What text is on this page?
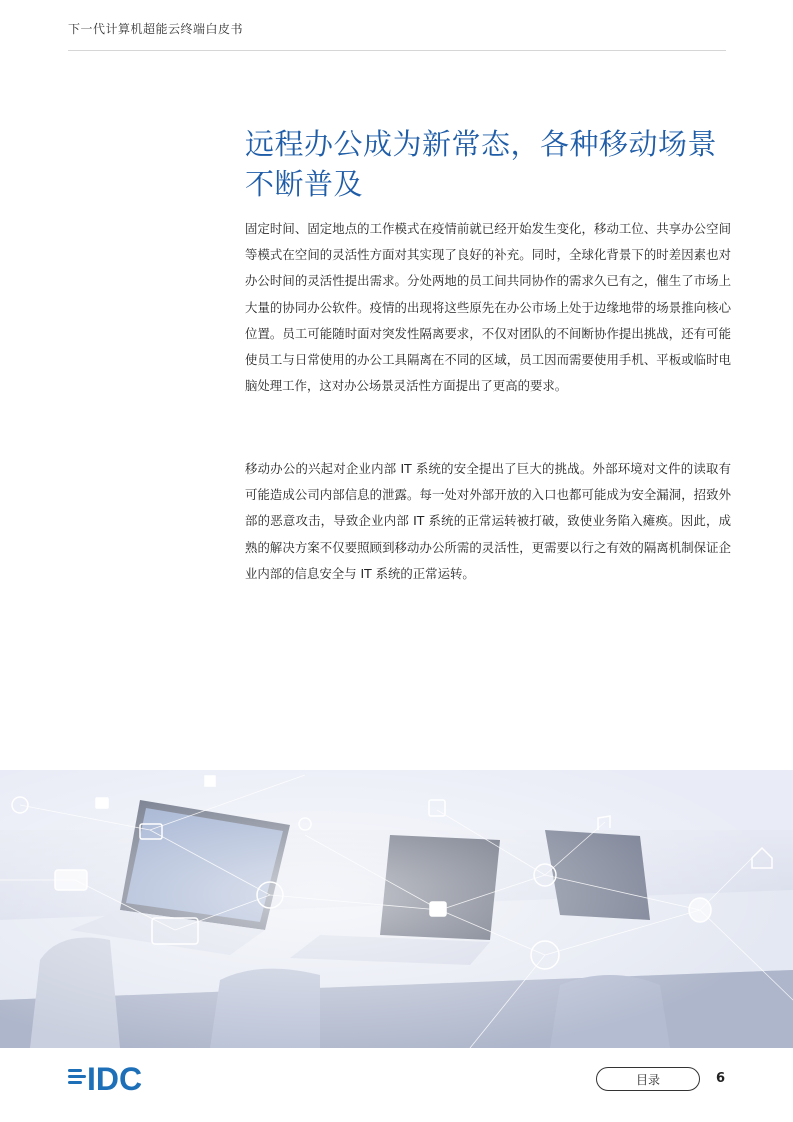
下一代计算机超能云终端白皮书
远程办公成为新常态，各种移动场景不断普及

固定时间、固定地点的工作模式在疫情前就已经开始发生变化，移动工位、共享办公空间等模式在空间的灵活性方面对其实现了良好的补充。同时，全球化背景下的时差因素也对办公时间的灵活性提出需求。分处两地的员工间共同协作的需求久已有之，催生了市场上大量的协同办公软件。疫情的出现将这些原先在办公市场上处于边缘地带的场景推向核心位置。员工可能随时面对突发性隔离要求，不仅对团队的不间断协作提出挑战，还有可能使员工与日常使用的办公工具隔离在不同的区域，员工因而需要使用手机、平板或临时电脑处理工作，这对办公场景灵活性方面提出了更高的要求。

移动办公的兴起对企业内部 IT 系统的安全提出了巨大的挑战。外部环境对文件的读取有可能造成公司内部信息的泄露。每一处对外部开放的入口也都可能成为安全漏洞，招致外部的恶意攻击，导致企业内部 IT 系统的正常运转被打破，致使业务陷入瘫痪。因此，成熟的解决方案不仅要照顾到移动办公所需的灵活性，更需要以行之有效的隔离机制保证企业内部的信息安全与 IT 系统的正常运转。

IDC	目录	6
